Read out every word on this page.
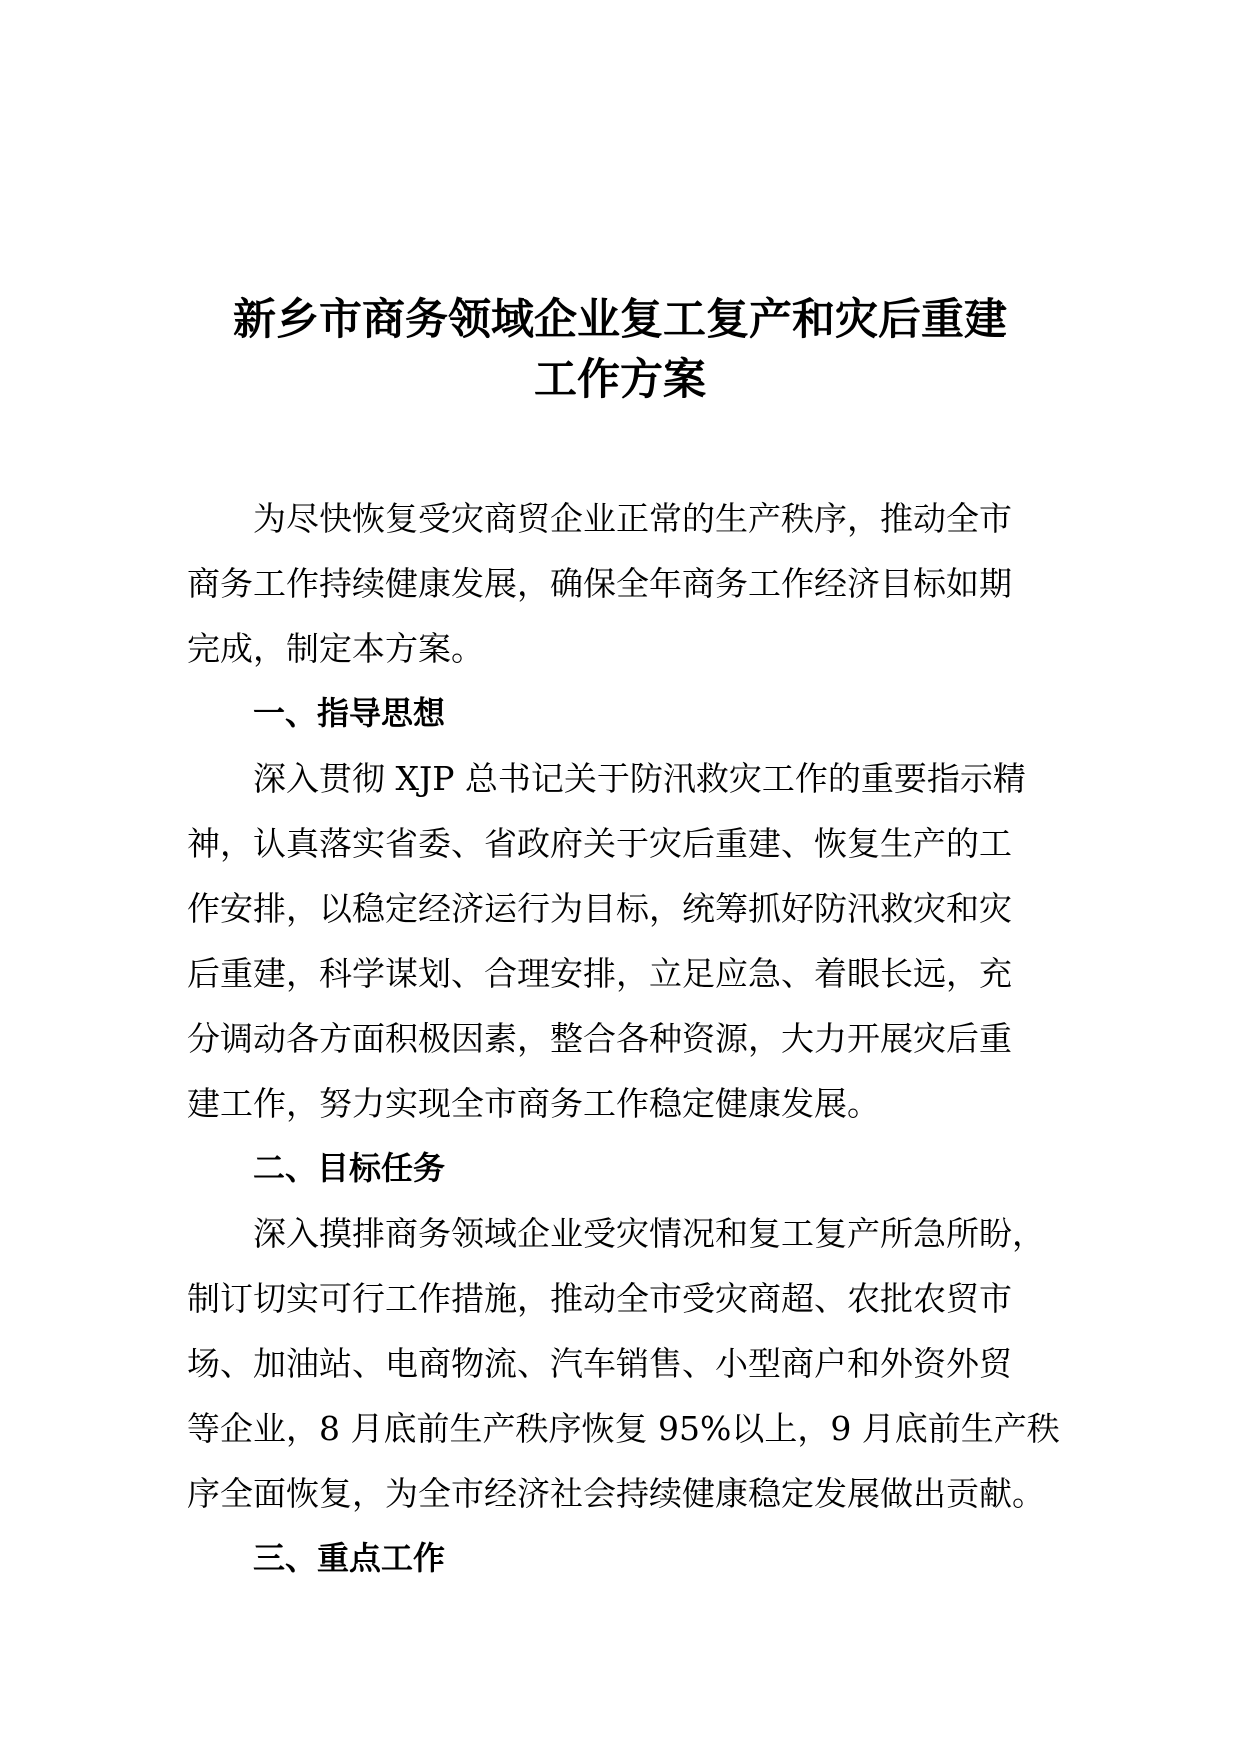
新乡市商务领域企业复工复产和灾后重建
工作方案
为尽快恢复受灾商贸企业正常的生产秩序，推动全市
商务工作持续健康发展，确保全年商务工作经济目标如期
完成，制定本方案。
一、指导思想
深入贯彻 XJP 总书记关于防汛救灾工作的重要指示精
神，认真落实省委、省政府关于灾后重建、恢复生产的工
作安排，以稳定经济运行为目标，统筹抓好防汛救灾和灾
后重建，科学谋划、合理安排，立足应急、着眼长远，充
分调动各方面积极因素，整合各种资源，大力开展灾后重
建工作，努力实现全市商务工作稳定健康发展。
二、目标任务
深入摸排商务领域企业受灾情况和复工复产所急所盼，
制订切实可行工作措施，推动全市受灾商超、农批农贸市
场、加油站、电商物流、汽车销售、小型商户和外资外贸
等企业，8 月底前生产秩序恢复 95%以上，9 月底前生产秩
序全面恢复，为全市经济社会持续健康稳定发展做出贡献。
三、重点工作
